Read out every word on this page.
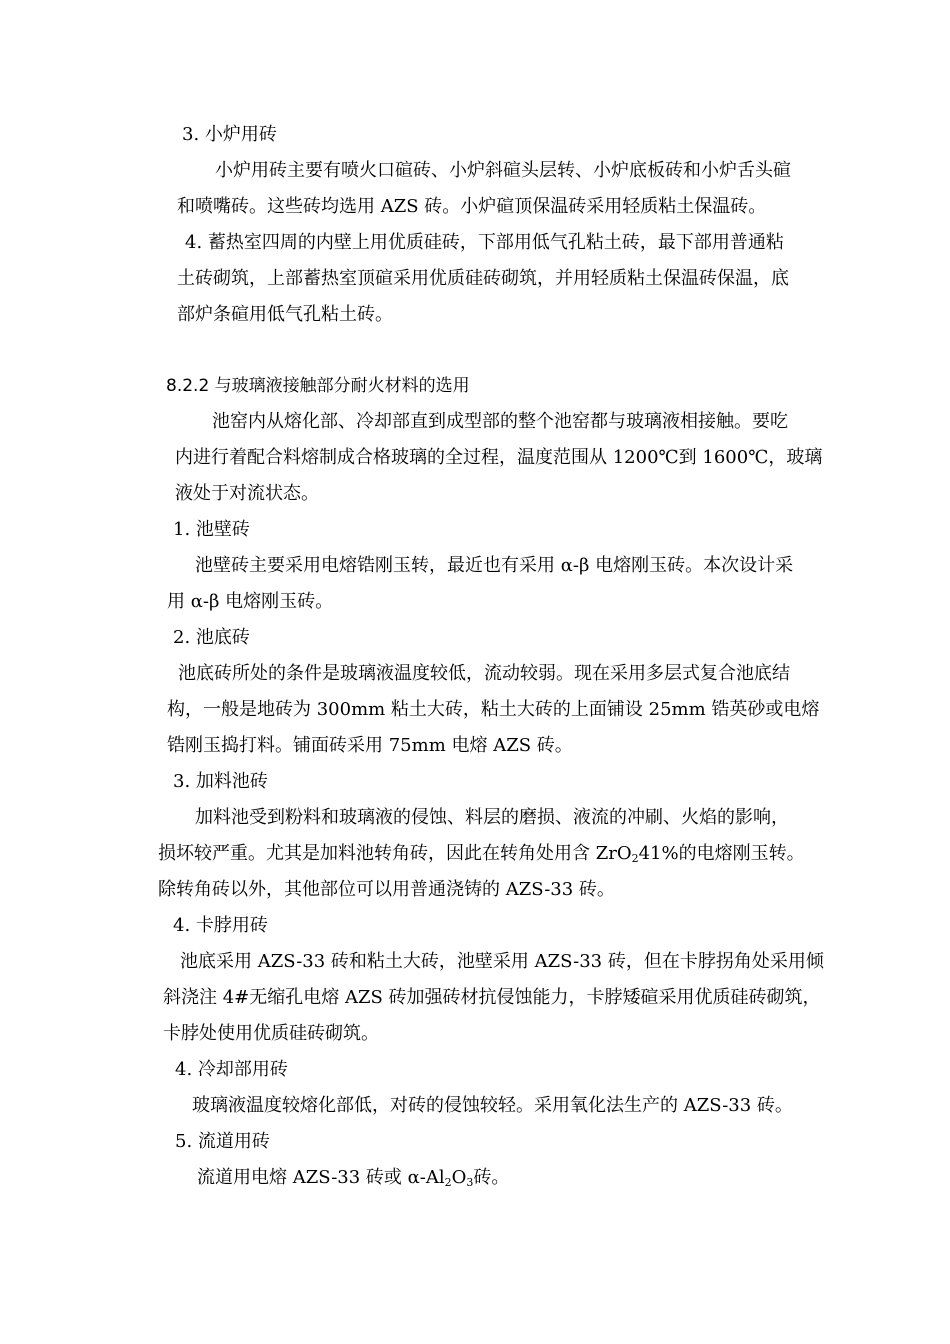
3. 小炉用砖
小炉用砖主要有喷火口碹砖、小炉斜碹头层转、小炉底板砖和小炉舌头碹
和喷嘴砖。这些砖均选用 AZS 砖。小炉碹顶保温砖采用轻质粘土保温砖。
4. 蓄热室四周的内壁上用优质硅砖，下部用低气孔粘土砖，最下部用普通粘
土砖砌筑，上部蓄热室顶碹采用优质硅砖砌筑，并用轻质粘土保温砖保温，底
部炉条碹用低气孔粘土砖。
8.2.2 与玻璃液接触部分耐火材料的选用
池窑内从熔化部、冷却部直到成型部的整个池窑都与玻璃液相接触。要吃
内进行着配合料熔制成合格玻璃的全过程，温度范围从 1200℃到 1600℃，玻璃
液处于对流状态。
1. 池壁砖
池壁砖主要采用电熔锆刚玉转，最近也有采用 α-β 电熔刚玉砖。本次设计采
用 α-β 电熔刚玉砖。
2. 池底砖
池底砖所处的条件是玻璃液温度较低，流动较弱。现在采用多层式复合池底结
构，一般是地砖为 300mm 粘土大砖，粘土大砖的上面铺设 25mm 锆英砂或电熔
锆刚玉捣打料。铺面砖采用 75mm 电熔 AZS 砖。
3. 加料池砖
加料池受到粉料和玻璃液的侵蚀、料层的磨损、液流的冲刷、火焰的影响，
损坏较严重。尤其是加料池转角砖，因此在转角处用含 ZrO$_2$41%的电熔刚玉转。
除转角砖以外，其他部位可以用普通浇铸的 AZS-33 砖。
4. 卡脖用砖
池底采用 AZS-33 砖和粘土大砖，池壁采用 AZS-33 砖，但在卡脖拐角处采用倾
斜浇注 4#无缩孔电熔 AZS 砖加强砖材抗侵蚀能力，卡脖矮碹采用优质硅砖砌筑，
卡脖处使用优质硅砖砌筑。
4. 冷却部用砖
玻璃液温度较熔化部低，对砖的侵蚀较轻。采用氧化法生产的 AZS-33 砖。
5. 流道用砖
流道用电熔 AZS-33 砖或 $\alpha-Al_2O_3$砖。
